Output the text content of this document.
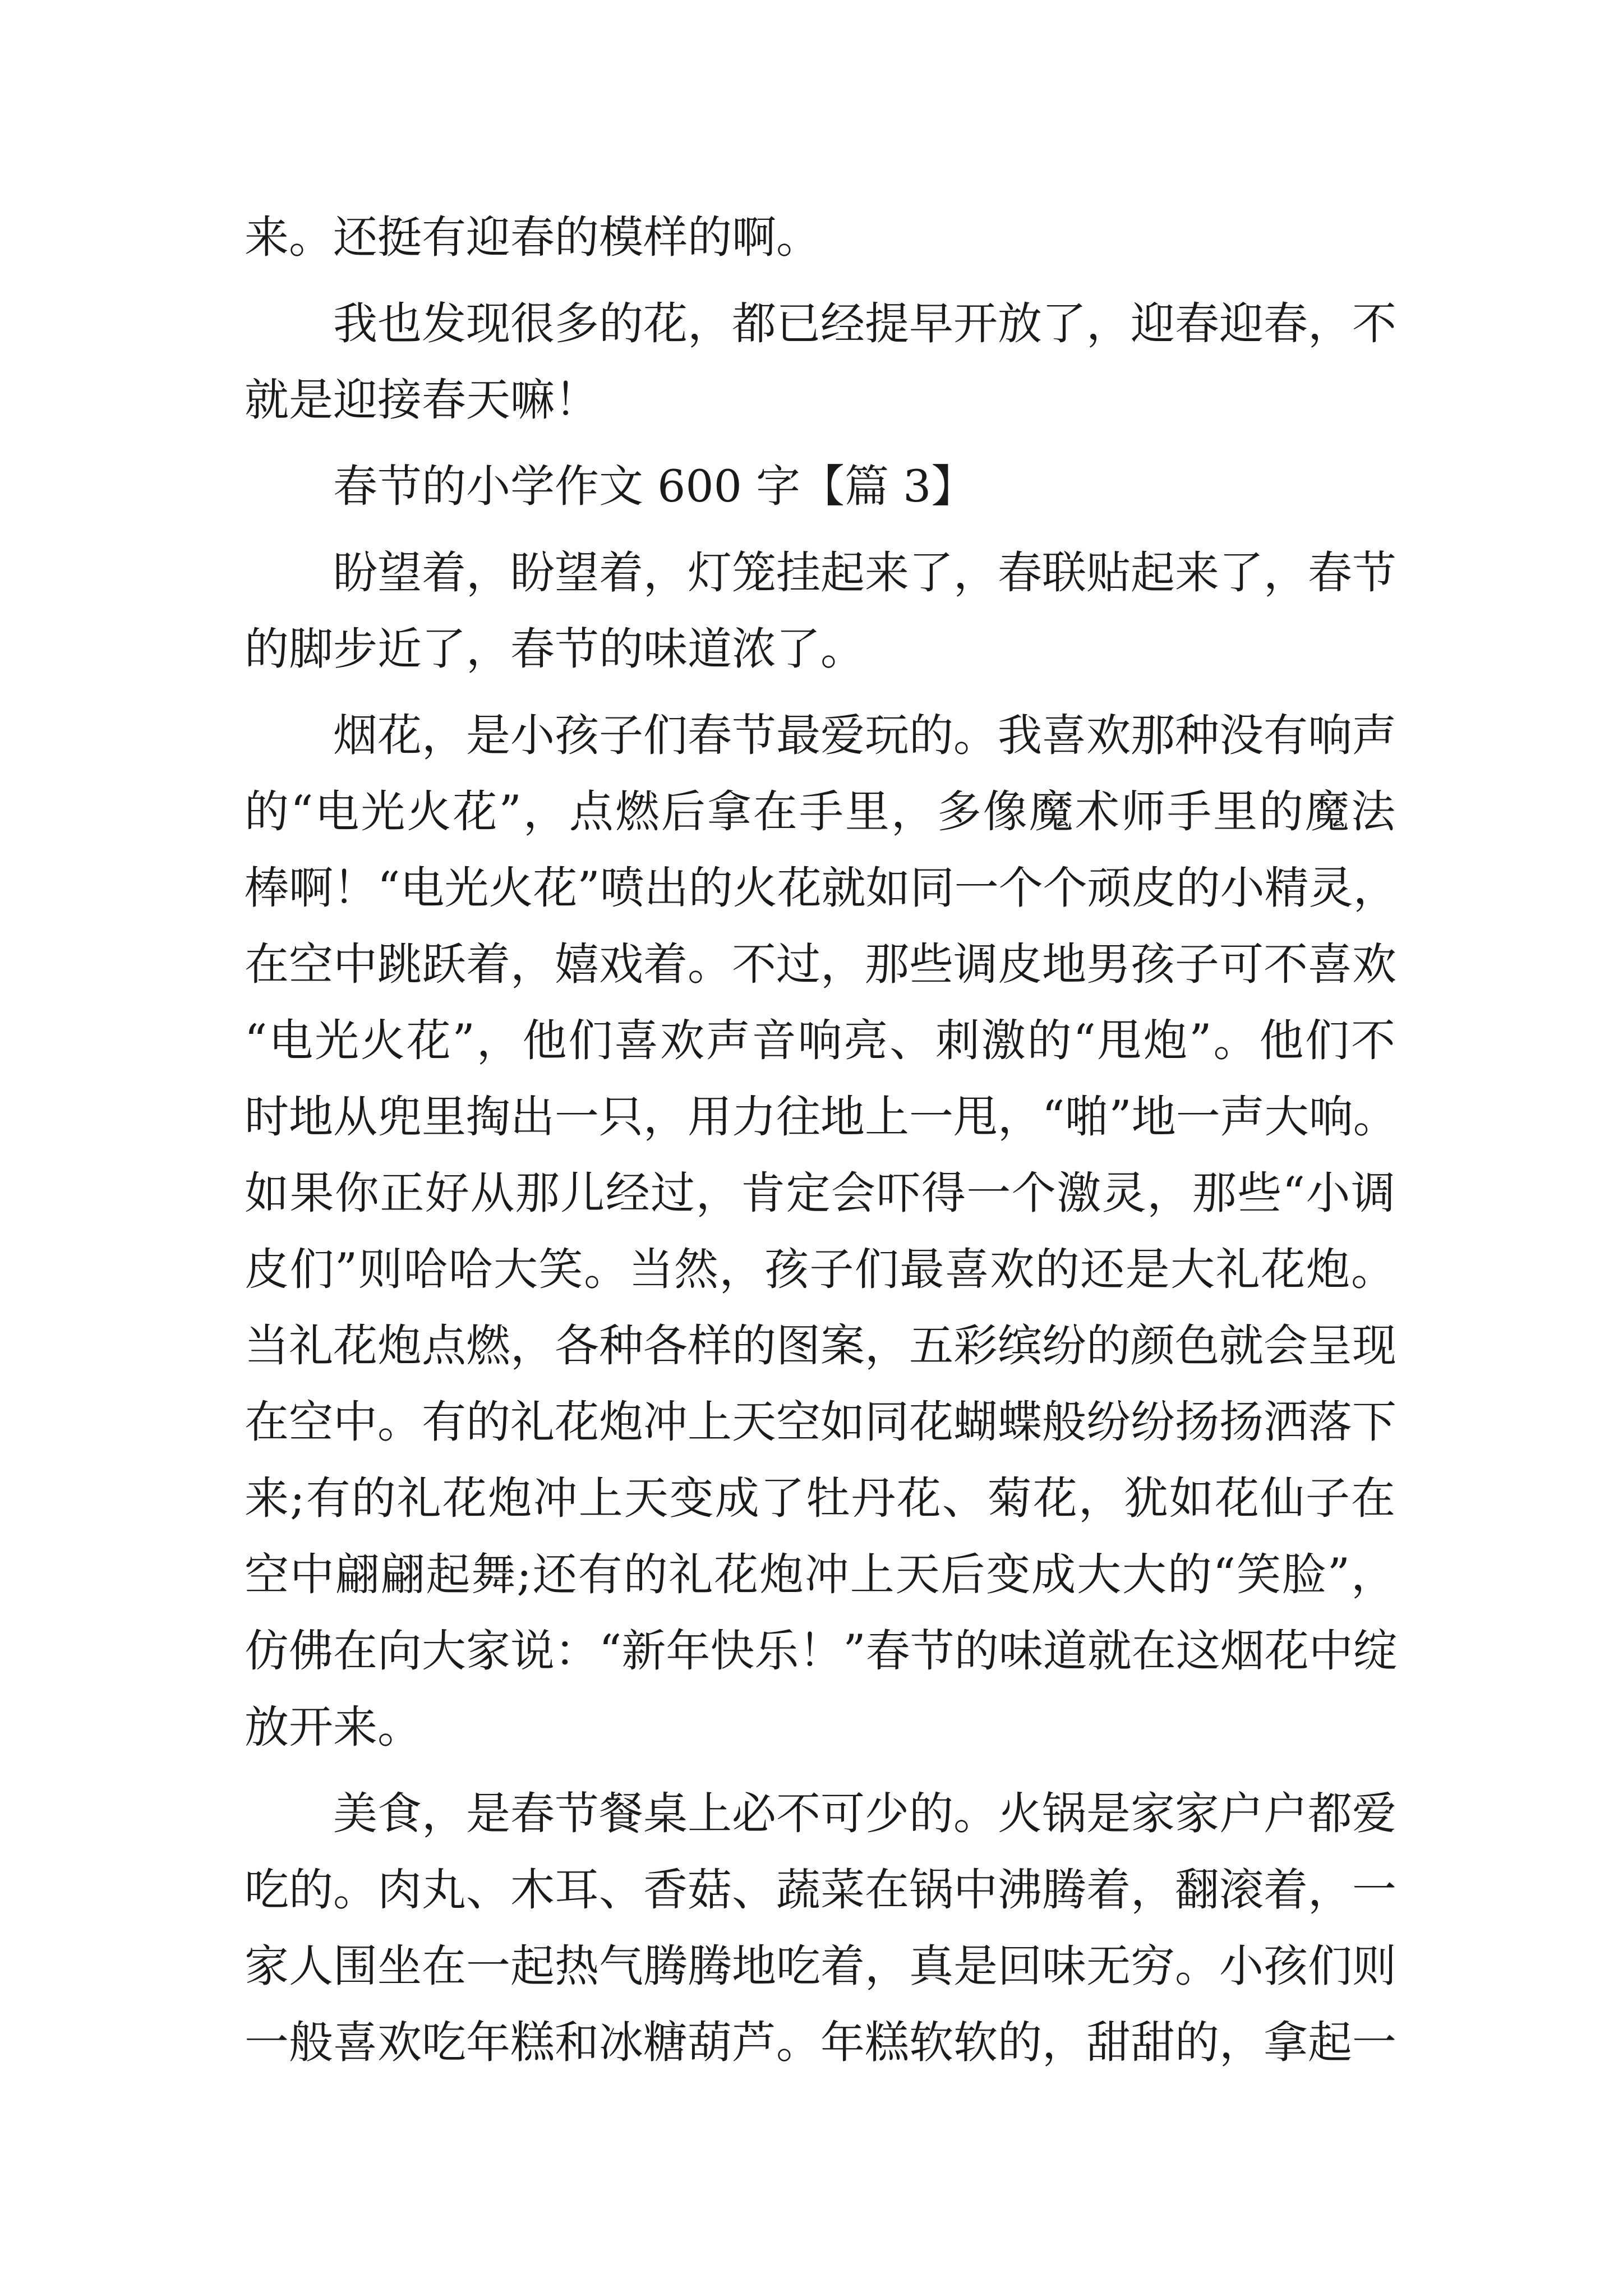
来。还挺有迎春的模样的啊。
我也发现很多的花，都已经提早开放了，迎春迎春，不
就是迎接春天嘛！
春节的小学作文 600 字【篇 3】
盼望着，盼望着，灯笼挂起来了，春联贴起来了，春节
的脚步近了，春节的味道浓了。
烟花，是小孩子们春节最爱玩的。我喜欢那种没有响声
的“电光火花”，点燃后拿在手里，多像魔术师手里的魔法
棒啊！“电光火花”喷出的火花就如同一个个顽皮的小精灵，
在空中跳跃着，嬉戏着。不过，那些调皮地男孩子可不喜欢
“电光火花”，他们喜欢声音响亮、刺激的“甩炮”。他们不
时地从兜里掏出一只，用力往地上一甩，“啪”地一声大响。
如果你正好从那儿经过，肯定会吓得一个激灵，那些“小调
皮们”则哈哈大笑。当然，孩子们最喜欢的还是大礼花炮。
当礼花炮点燃，各种各样的图案，五彩缤纷的颜色就会呈现
在空中。有的礼花炮冲上天空如同花蝴蝶般纷纷扬扬洒落下
来;有的礼花炮冲上天变成了牡丹花、菊花，犹如花仙子在
空中翩翩起舞;还有的礼花炮冲上天后变成大大的“笑脸”，
仿佛在向大家说：“新年快乐！”春节的味道就在这烟花中绽
放开来。
美食，是春节餐桌上必不可少的。火锅是家家户户都爱
吃的。肉丸、木耳、香菇、蔬菜在锅中沸腾着，翻滚着，一
家人围坐在一起热气腾腾地吃着，真是回味无穷。小孩们则
一般喜欢吃年糕和冰糖葫芦。年糕软软的，甜甜的，拿起一
